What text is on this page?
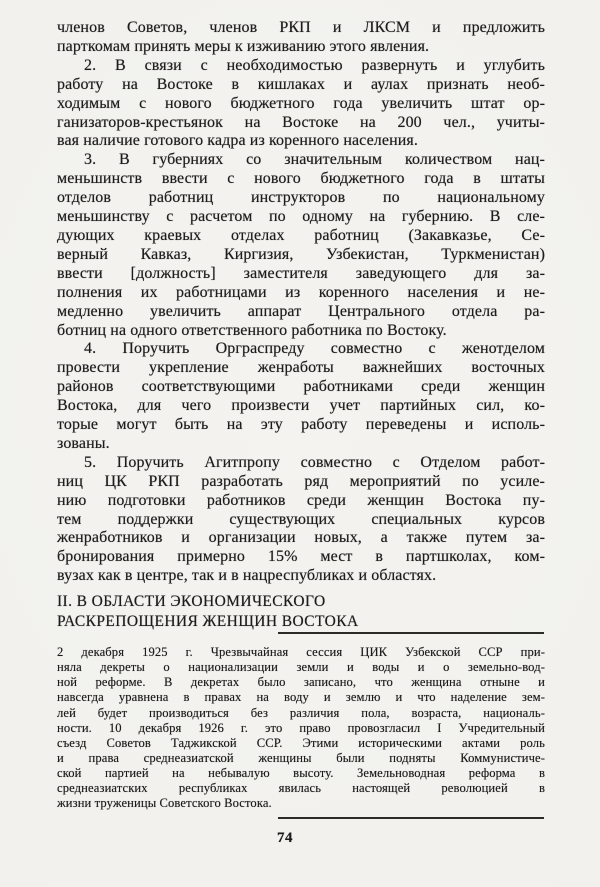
членов Советов, членов РКП и ЛКСМ и предложить
парткомам принять меры к изживанию этого явления.
2. В связи с необходимостью развернуть и углубить
работу на Востоке в кишлаках и аулах признать необ-
ходимым с нового бюджетного года увеличить штат ор-
ганизаторов-крестьянок на Востоке на 200 чел., учиты-
вая наличие готового кадра из коренного населения.
3. В губерниях со значительным количеством нац-
меньшинств ввести с нового бюджетного года в штаты
отделов работниц инструкторов по национальному
меньшинству с расчетом по одному на губернию. В сле-
дующих краевых отделах работниц (Закавказье, Се-
верный Кавказ, Киргизия, Узбекистан, Туркменистан)
ввести [должность] заместителя заведующего для за-
полнения их работницами из коренного населения и не-
медленно увеличить аппарат Центрального отдела ра-
ботниц на одного ответственного работника по Востоку.
4. Поручить Орграспреду совместно с женотделом
провести укрепление женработы важнейших восточных
районов соответствующими работниками среди женщин
Востока, для чего произвести учет партийных сил, ко-
торые могут быть на эту работу переведены и исполь-
зованы.
5. Поручить Агитпропу совместно с Отделом работ-
ниц ЦК РКП разработать ряд мероприятий по усиле-
нию подготовки работников среди женщин Востока пу-
тем поддержки существующих специальных курсов
женработников и организации новых, а также путем за-
бронирования примерно 15% мест в партшколах, ком-
вузах как в центре, так и в нацреспубликах и областях.
II. В ОБЛАСТИ ЭКОНОМИЧЕСКОГО
РАСКРЕПОЩЕНИЯ ЖЕНЩИН ВОСТОКА
2 декабря 1925 г. Чрезвычайная сессия ЦИК Узбекской ССР при-
няла декреты о национализации земли и воды и о земельно-вод-
ной реформе. В декретах было записано, что женщина отныне и
навсегда уравнена в правах на воду и землю и что наделение зем-
лей будет производиться без различия пола, возраста, националь-
ности. 10 декабря 1926 г. это право провозгласил I Учредительный
съезд Советов Таджикской ССР. Этими историческими актами роль
и права среднеазиатской женщины были подняты Коммунистиче-
ской партией на небывалую высоту. Земельноводная реформа в
среднеазиатских республиках явилась настоящей революцией в
жизни труженицы Советского Востока.
74
